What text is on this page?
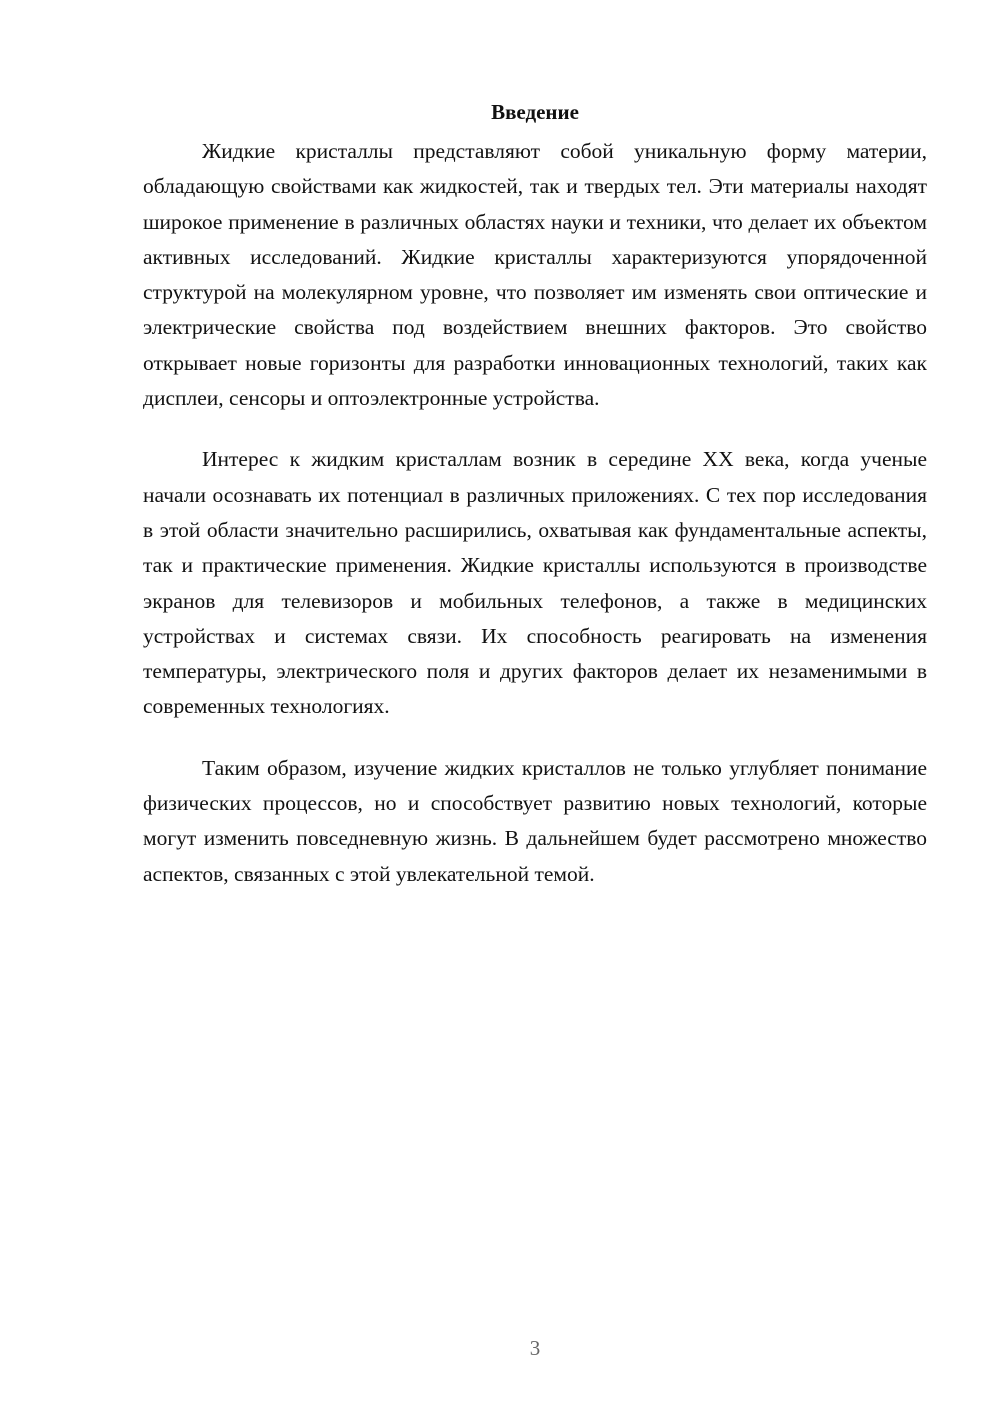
Введение

Жидкие кристаллы представляют собой уникальную форму материи, обладающую свойствами как жидкостей, так и твердых тел. Эти материалы находят широкое применение в различных областях науки и техники, что делает их объектом активных исследований. Жидкие кристаллы характеризуются упорядоченной структурой на молекулярном уровне, что позволяет им изменять свои оптические и электрические свойства под воздействием внешних факторов. Это свойство открывает новые горизонты для разработки инновационных технологий, таких как дисплеи, сенсоры и оптоэлектронные устройства.

Интерес к жидким кристаллам возник в середине XX века, когда ученые начали осознавать их потенциал в различных приложениях. С тех пор исследования в этой области значительно расширились, охватывая как фундаментальные аспекты, так и практические применения. Жидкие кристаллы используются в производстве экранов для телевизоров и мобильных телефонов, а также в медицинских устройствах и системах связи. Их способность реагировать на изменения температуры, электрического поля и других факторов делает их незаменимыми в современных технологиях.

Таким образом, изучение жидких кристаллов не только углубляет понимание физических процессов, но и способствует развитию новых технологий, которые могут изменить повседневную жизнь. В дальнейшем будет рассмотрено множество аспектов, связанных с этой увлекательной темой.

3
